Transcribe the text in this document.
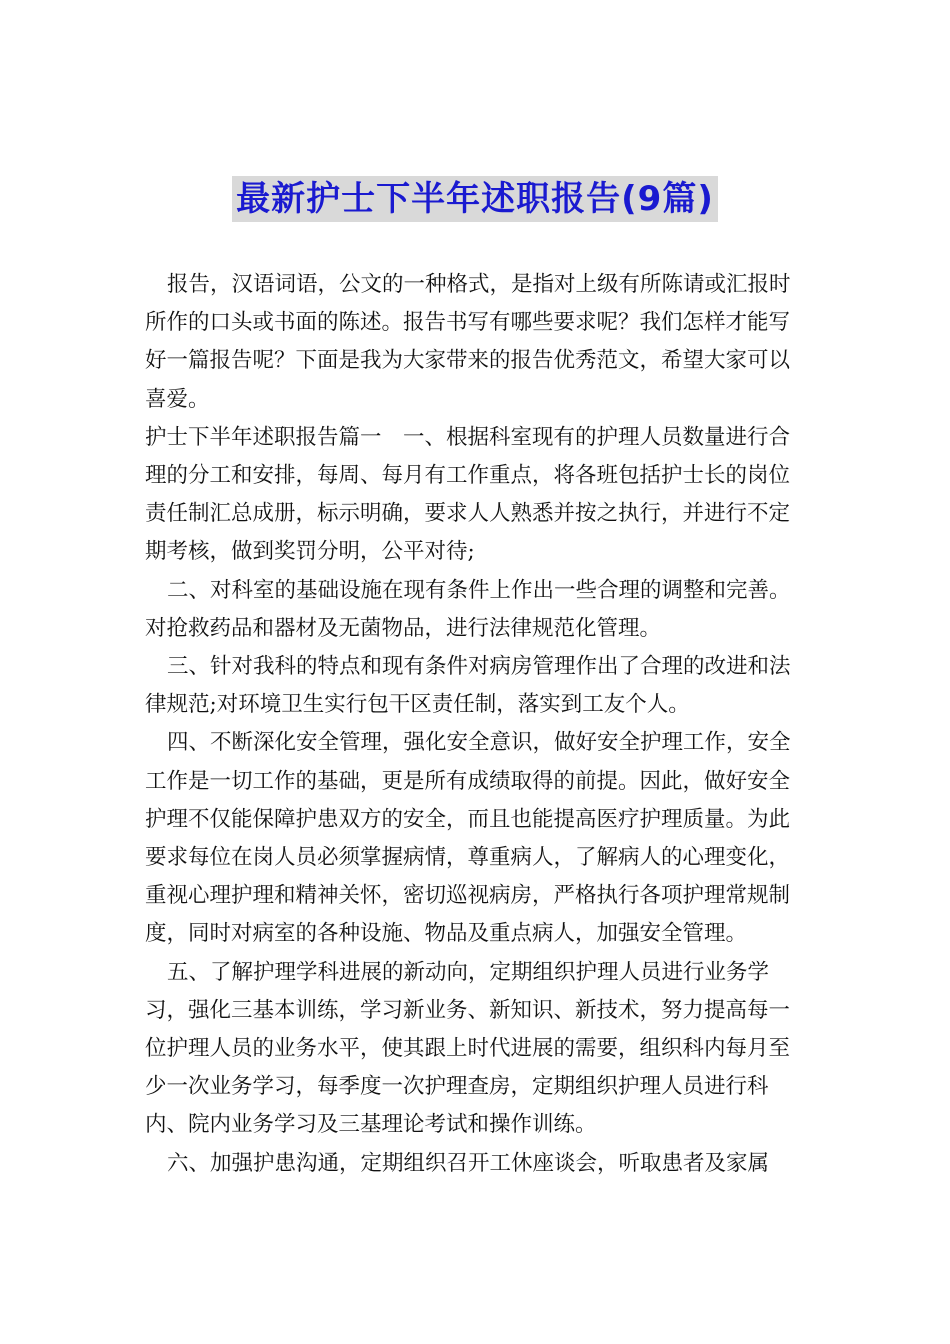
最新护士下半年述职报告(9篇)

报告，汉语词语，公文的一种格式，是指对上级有所陈请或汇报时所作的口头或书面的陈述。报告书写有哪些要求呢？我们怎样才能写好一篇报告呢？下面是我为大家带来的报告优秀范文，希望大家可以喜爱。

护士下半年述职报告篇一　一、根据科室现有的护理人员数量进行合理的分工和安排，每周、每月有工作重点，将各班包括护士长的岗位责任制汇总成册，标示明确，要求人人熟悉并按之执行，并进行不定期考核，做到奖罚分明，公平对待;

二、对科室的基础设施在现有条件上作出一些合理的调整和完善。对抢救药品和器材及无菌物品，进行法律规范化管理。

三、针对我科的特点和现有条件对病房管理作出了合理的改进和法律规范;对环境卫生实行包干区责任制，落实到工友个人。

四、不断深化安全管理，强化安全意识，做好安全护理工作，安全工作是一切工作的基础，更是所有成绩取得的前提。因此，做好安全护理不仅能保障护患双方的安全，而且也能提高医疗护理质量。为此要求每位在岗人员必须掌握病情，尊重病人，了解病人的心理变化，重视心理护理和精神关怀，密切巡视病房，严格执行各项护理常规制度，同时对病室的各种设施、物品及重点病人，加强安全管理。

五、了解护理学科进展的新动向，定期组织护理人员进行业务学习，强化三基本训练，学习新业务、新知识、新技术，努力提高每一位护理人员的业务水平，使其跟上时代进展的需要，组织科内每月至少一次业务学习，每季度一次护理查房，定期组织护理人员进行科内、院内业务学习及三基理论考试和操作训练。

六、加强护患沟通，定期组织召开工休座谈会，听取患者及家属
